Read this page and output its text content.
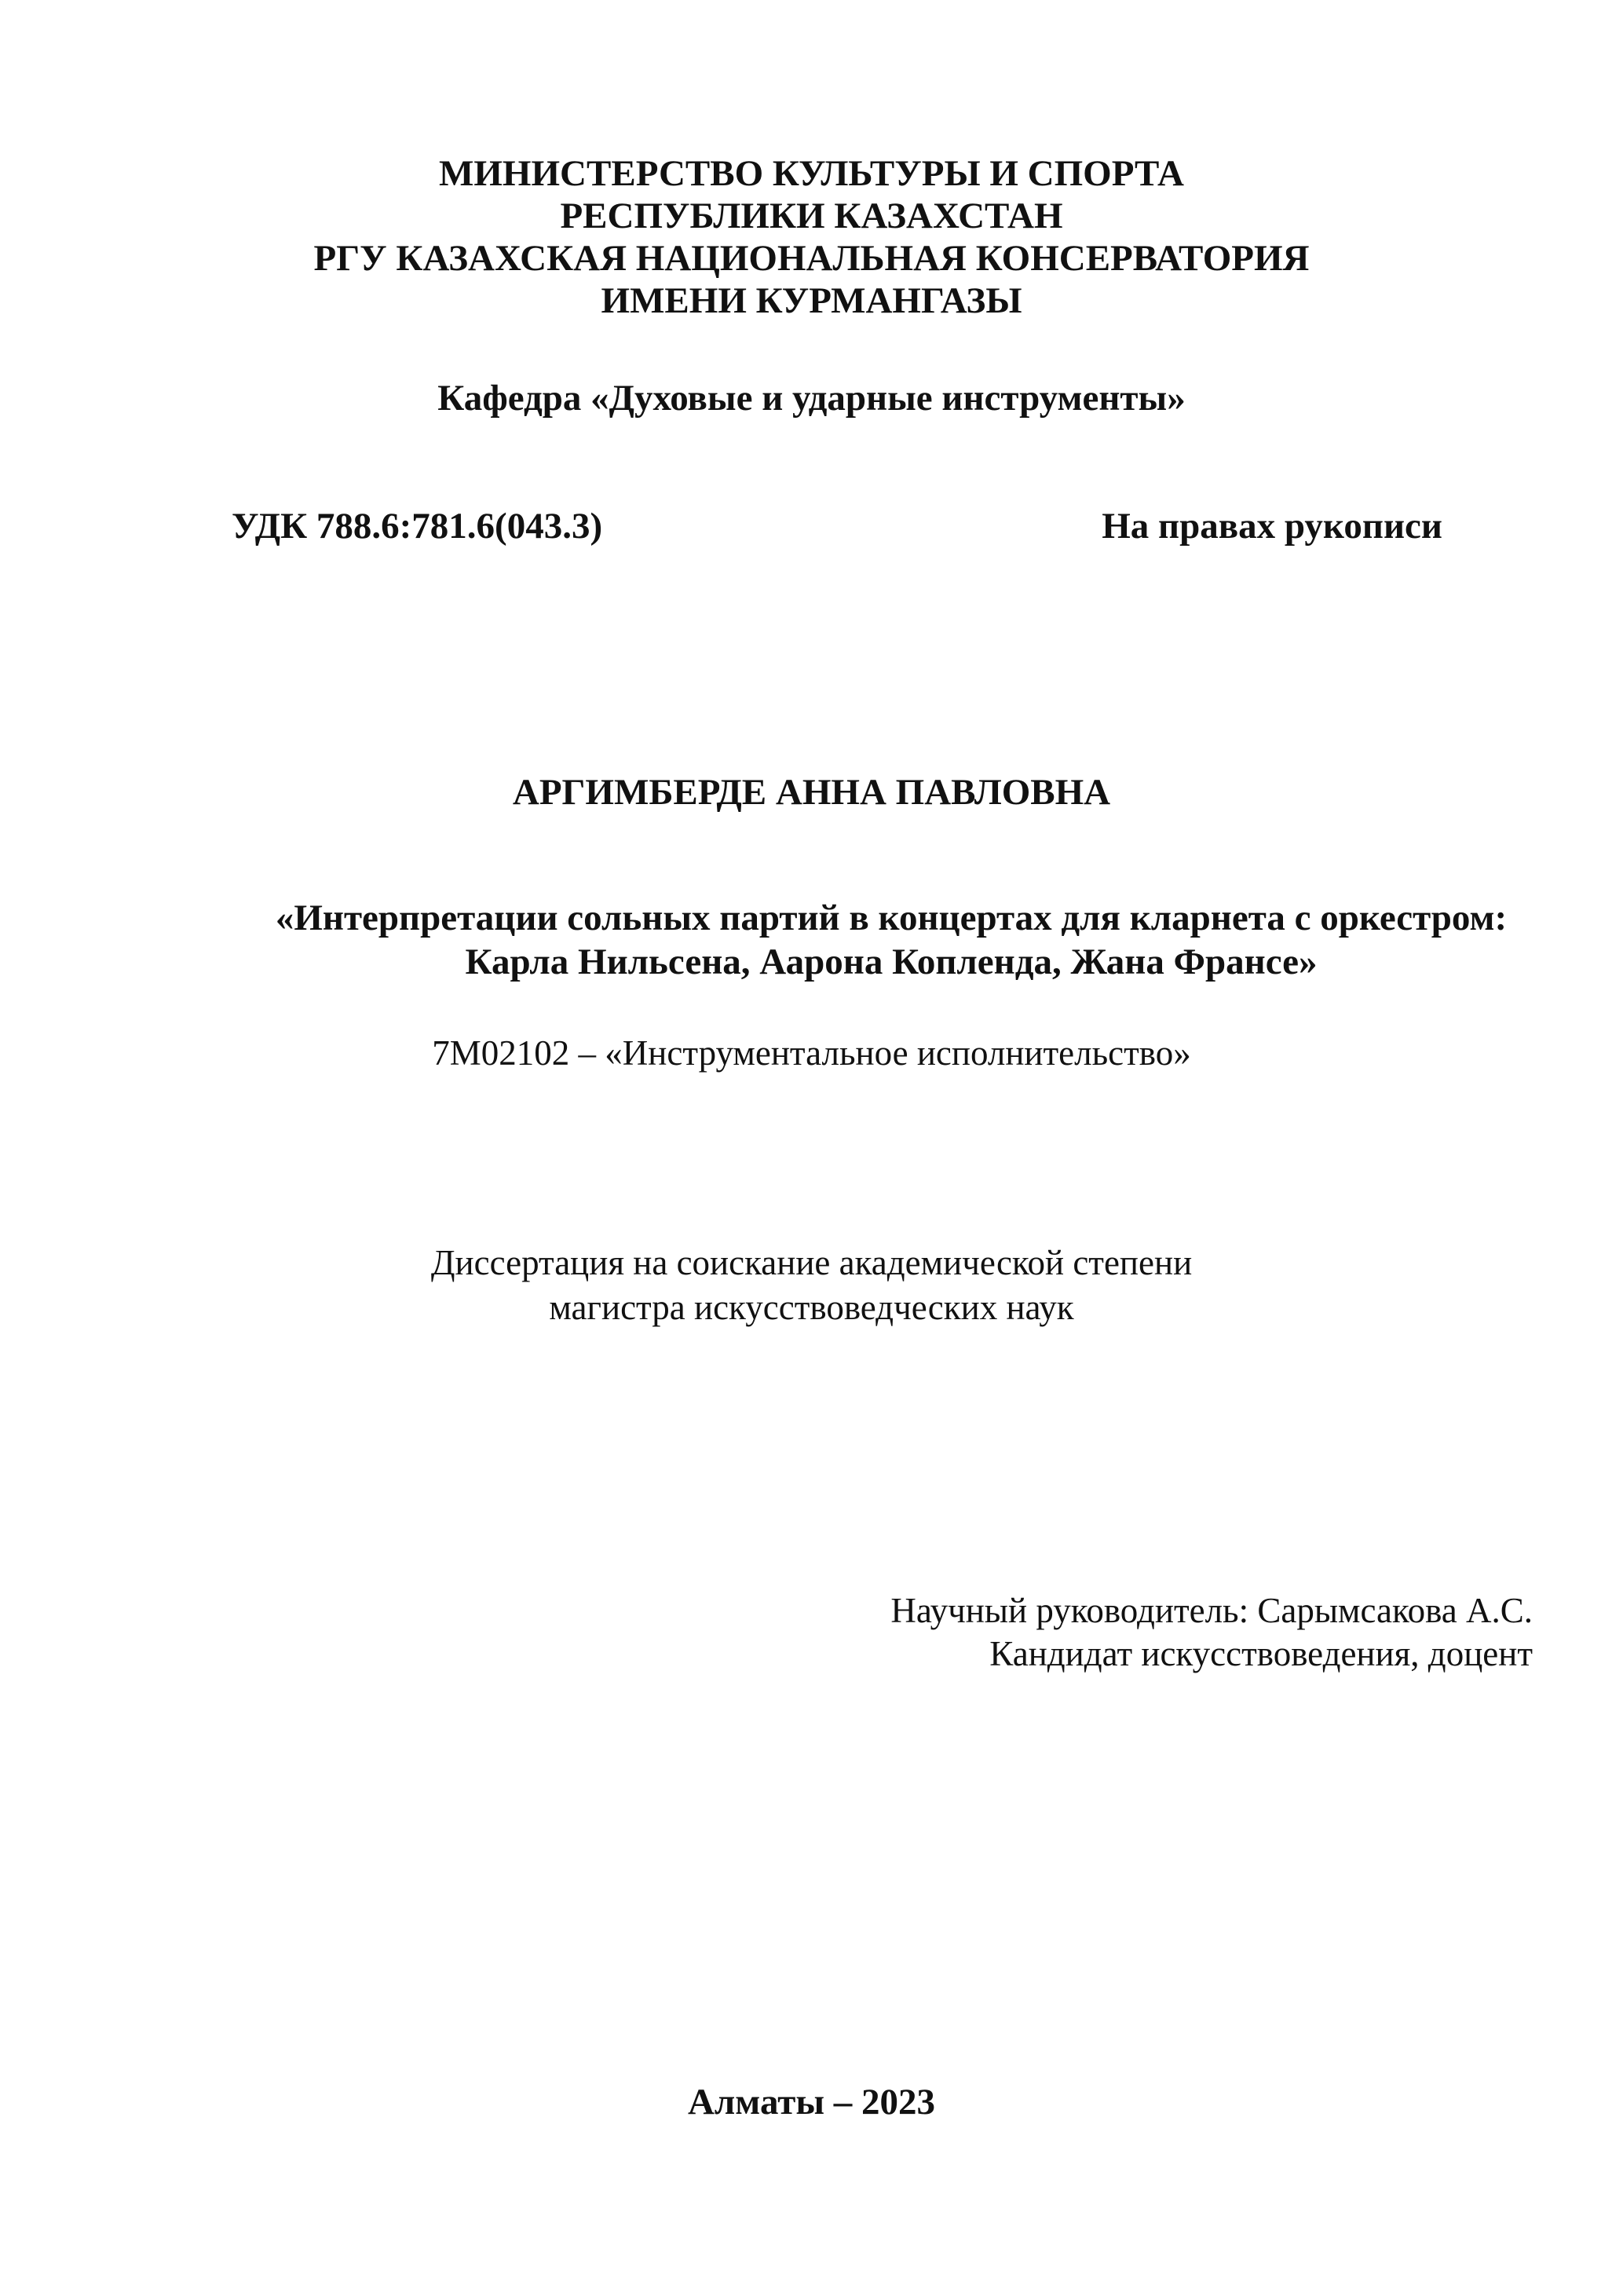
МИНИСТЕРСТВО КУЛЬТУРЫ И СПОРТА
РЕСПУБЛИКИ КАЗАХСТАН
РГУ КАЗАХСКАЯ НАЦИОНАЛЬНАЯ КОНСЕРВАТОРИЯ
ИМЕНИ КУРМАНГАЗЫ
Кафедра «Духовые и ударные инструменты»
УДК 788.6:781.6(043.3)	На правах рукописи
АРГИМБЕРДЕ АННА ПАВЛОВНА
«Интерпретации сольных партий в концертах для кларнета с оркестром:
Карла Нильсена, Аарона Копленда, Жана Франсе»
7М02102 – «Инструментальное исполнительство»
Диссертация на соискание академической степени
магистра искусствоведческих наук
Научный руководитель: Сарымсакова А.С.
Кандидат искусствоведения, доцент
Алматы – 2023
